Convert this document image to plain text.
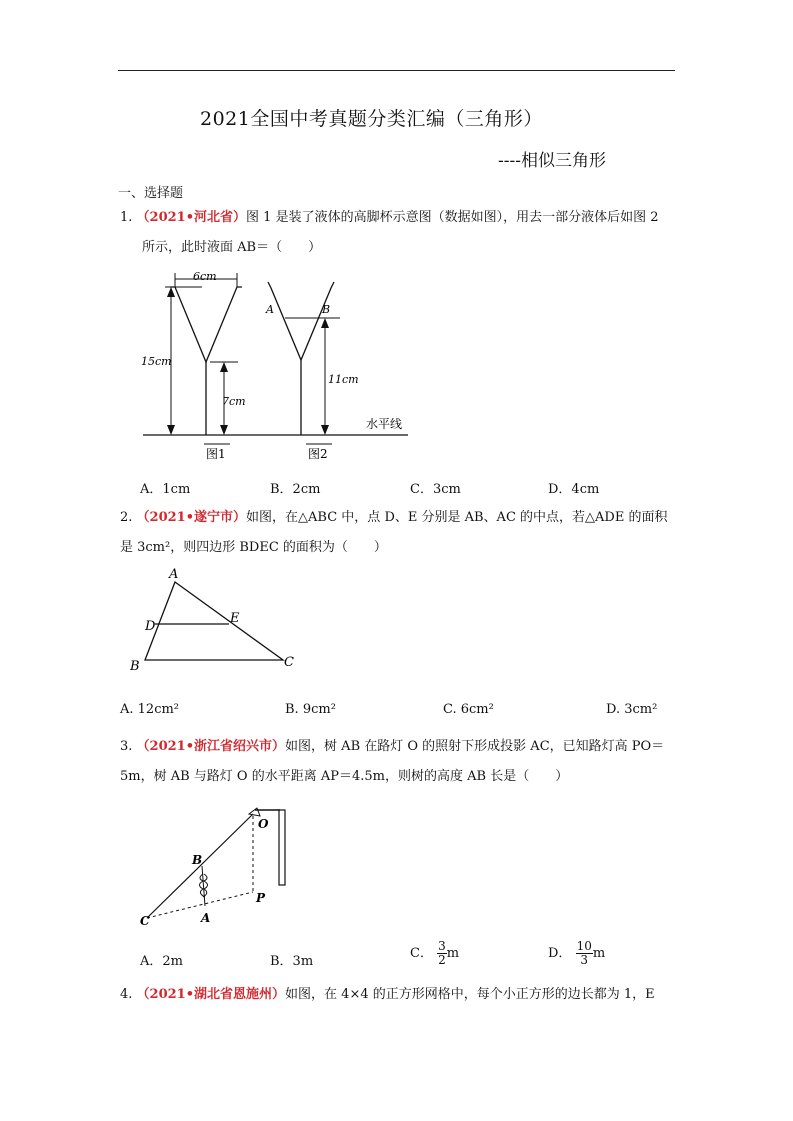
2021全国中考真题分类汇编（三角形）
----相似三角形
一、选择题
1. （2021•河北省）图 1 是装了液体的高脚杯示意图（数据如图），用去一部分液体后如图 2
所示，此时液面 AB＝（　　）
6cm
15cm
7cm
图1
A	B
11cm
水平线
图2
A．1cm	B．2cm	C．3cm	D．4cm
2. （2021•遂宁市）如图，在△ABC 中，点 D、E 分别是 AB、AC 的中点，若△ADE 的面积
是 3cm²，则四边形 BDEC 的面积为（　　）
A
D
E
B	C
A. 12cm²	B. 9cm²	C. 6cm²	D. 3cm²
3. （2021•浙江省绍兴市）如图，树 AB 在路灯 O 的照射下形成投影 AC，已知路灯高 PO＝
5m，树 AB 与路灯 O 的水平距离 AP＝4.5m，则树的高度 AB 长是（　　）
O
B
P
C	A
A．2m	B．3m
C． $\frac{3}{2}$ m	D． $\frac{10}{3}$ m
4. （2021•湖北省恩施州）如图，在 4×4 的正方形网格中，每个小正方形的边长都为 1，E
